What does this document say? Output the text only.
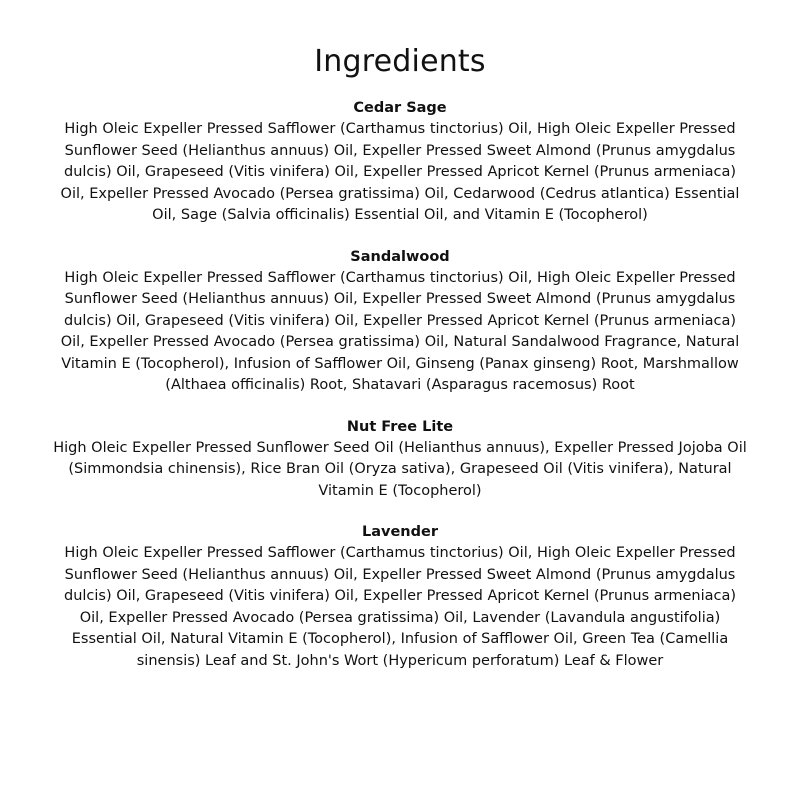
Ingredients

Cedar Sage

High Oleic Expeller Pressed Safflower (Carthamus tinctorius) Oil, High Oleic Expeller Pressed Sunflower Seed (Helianthus annuus) Oil, Expeller Pressed Sweet Almond (Prunus amygdalus dulcis) Oil, Grapeseed (Vitis vinifera) Oil, Expeller Pressed Apricot Kernel (Prunus armeniaca) Oil, Expeller Pressed Avocado (Persea gratissima) Oil, Cedarwood (Cedrus atlantica) Essential Oil, Sage (Salvia officinalis) Essential Oil, and Vitamin E (Tocopherol)

Sandalwood

High Oleic Expeller Pressed Safflower (Carthamus tinctorius) Oil, High Oleic Expeller Pressed Sunflower Seed (Helianthus annuus) Oil, Expeller Pressed Sweet Almond (Prunus amygdalus dulcis) Oil, Grapeseed (Vitis vinifera) Oil, Expeller Pressed Apricot Kernel (Prunus armeniaca) Oil, Expeller Pressed Avocado (Persea gratissima) Oil, Natural Sandalwood Fragrance, Natural Vitamin E (Tocopherol), Infusion of Safflower Oil, Ginseng (Panax ginseng) Root, Marshmallow (Althaea officinalis) Root, Shatavari (Asparagus racemosus) Root

Nut Free Lite

High Oleic Expeller Pressed Sunflower Seed Oil (Helianthus annuus), Expeller Pressed Jojoba Oil (Simmondsia chinensis), Rice Bran Oil (Oryza sativa), Grapeseed Oil (Vitis vinifera), Natural Vitamin E (Tocopherol)

Lavender

High Oleic Expeller Pressed Safflower (Carthamus tinctorius) Oil, High Oleic Expeller Pressed Sunflower Seed (Helianthus annuus) Oil, Expeller Pressed Sweet Almond (Prunus amygdalus dulcis) Oil, Grapeseed (Vitis vinifera) Oil, Expeller Pressed Apricot Kernel (Prunus armeniaca) Oil, Expeller Pressed Avocado (Persea gratissima) Oil, Lavender (Lavandula angustifolia) Essential Oil, Natural Vitamin E (Tocopherol), Infusion of Safflower Oil, Green Tea (Camellia sinensis) Leaf and St. John's Wort (Hypericum perforatum) Leaf & Flower
